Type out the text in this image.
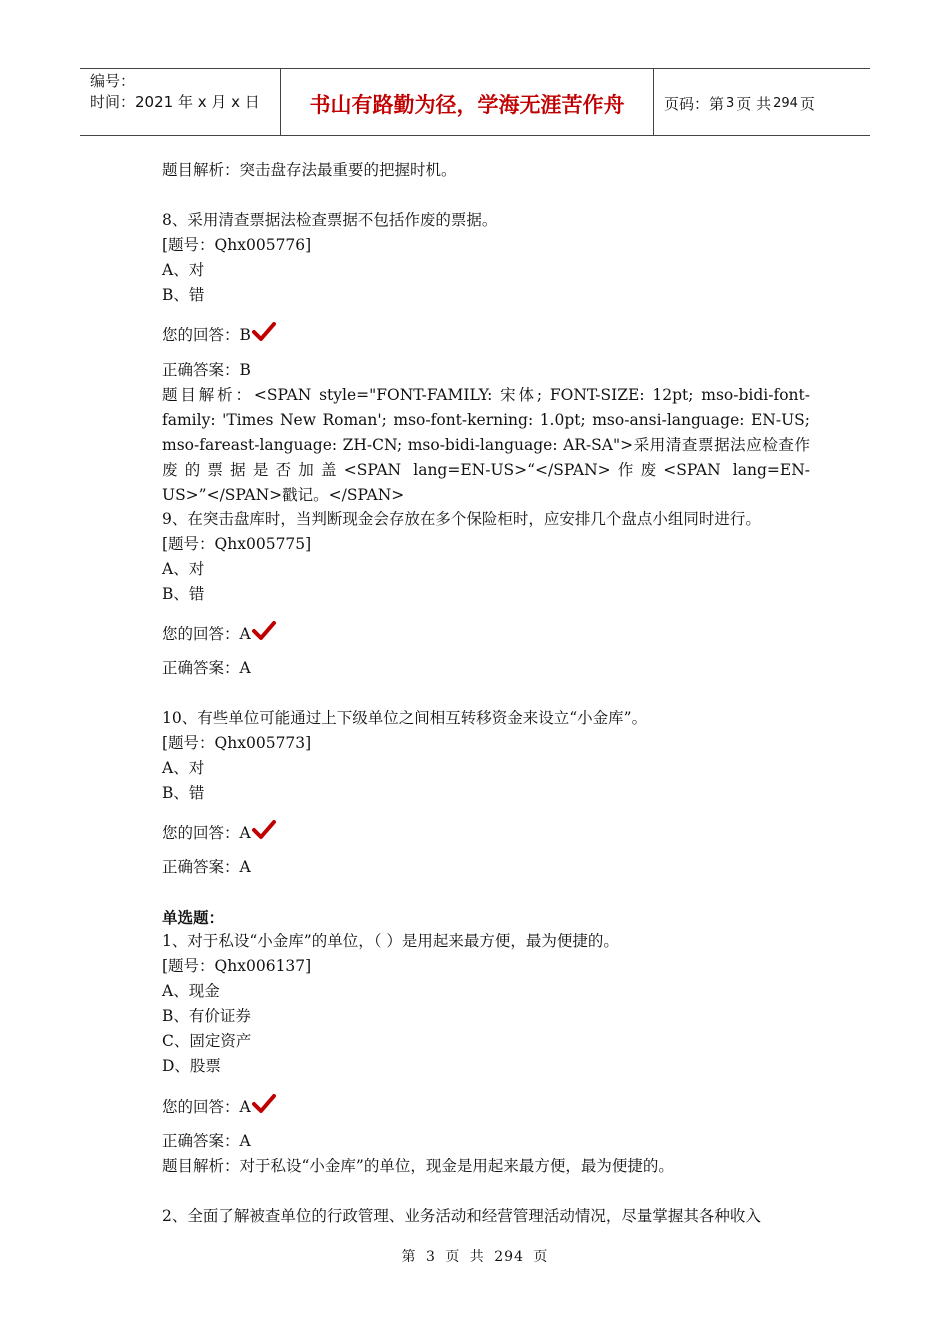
编号：
时间：2021 年 x 月 x 日	书山有路勤为径，学海无涯苦作舟	页码：第 3 页 共 294 页
题目解析：突击盘存法最重要的把握时机。
8、采用清查票据法检查票据不包括作废的票据。
[题号：Qhx005776]
A、对
B、错
您的回答：B
正确答案：B
题目解析：<SPAN style="FONT-FAMILY: 宋体; FONT-SIZE: 12pt; mso-bidi-font-family: 'Times New Roman'; mso-font-kerning: 1.0pt; mso-ansi-language: EN-US; mso-fareast-language: ZH-CN; mso-bidi-language: AR-SA">采用清查票据法应检查作废的票据是否加盖<SPAN lang=EN-US>“</SPAN>作废<SPAN lang=EN-US>”</SPAN>戳记。</SPAN>
9、在突击盘库时，当判断现金会存放在多个保险柜时，应安排几个盘点小组同时进行。
[题号：Qhx005775]
A、对
B、错
您的回答：A
正确答案：A
10、有些单位可能通过上下级单位之间相互转移资金来设立“小金库”。
[题号：Qhx005773]
A、对
B、错
您的回答：A
正确答案：A
单选题：
1、对于私设“小金库”的单位，（ ）是用起来最方便，最为便捷的。
[题号：Qhx006137]
A、现金
B、有价证券
C、固定资产
D、股票
您的回答：A
正确答案：A
题目解析：对于私设“小金库”的单位，现金是用起来最方便，最为便捷的。
2、全面了解被查单位的行政管理、业务活动和经营管理活动情况，尽量掌握其各种收入
第 3 页 共 294 页
